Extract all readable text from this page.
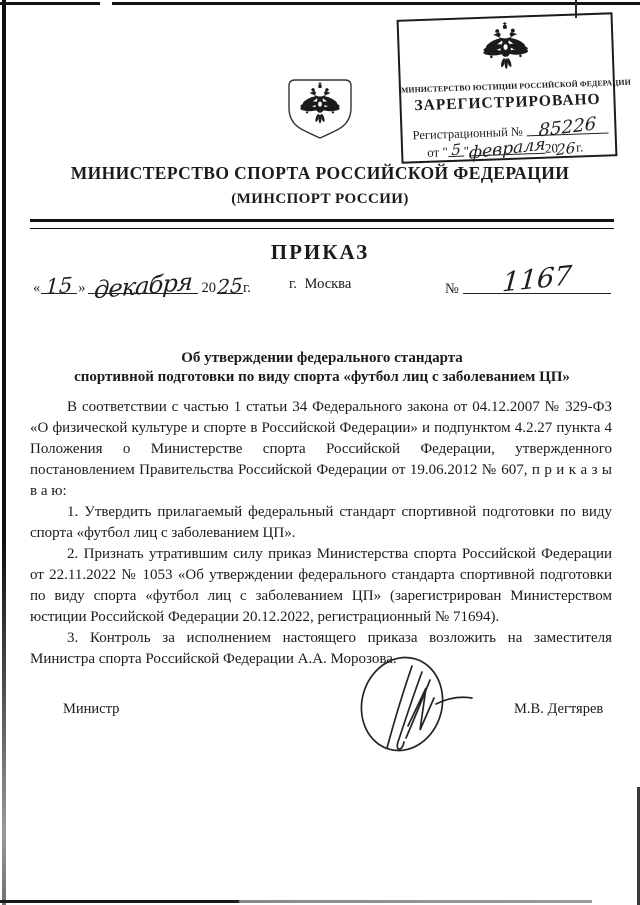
МИНИСТЕРСТВО ЮСТИЦИИ РОССИЙСКОЙ ФЕДЕРАЦИИ
ЗАРЕГИСТРИРОВАНО
Регистрационный № 85226
от " 5 " февраля 20
26 г.
МИНИСТЕРСТВО СПОРТА РОССИЙСКОЙ ФЕДЕРАЦИИ
(МИНСПОРТ РОССИИ)
ПРИКАЗ
« 15 » декабря 20 25 г.	г. Москва	№ 1167
Об утверждении федерального стандарта
спортивной подготовки по виду спорта «футбол лиц с заболеванием ЦП»

В соответствии с частью 1 статьи 34 Федерального закона от 04.12.2007 № 329-ФЗ «О физической культуре и спорте в Российской Федерации» и подпунктом 4.2.27 пункта 4 Положения о Министерстве спорта Российской Федерации, утвержденного постановлением Правительства Российской Федерации от 19.06.2012 № 607, п р и к а з ы в а ю:

1. Утвердить прилагаемый федеральный стандарт спортивной подготовки по виду спорта «футбол лиц с заболеванием ЦП».

2. Признать утратившим силу приказ Министерства спорта Российской Федерации от 22.11.2022 № 1053 «Об утверждении федерального стандарта спортивной подготовки по виду спорта «футбол лиц с заболеванием ЦП» (зарегистрирован Министерством юстиции Российской Федерации 20.12.2022, регистрационный № 71694).

3. Контроль за исполнением настоящего приказа возложить на заместителя Министра спорта Российской Федерации А.А. Морозова.

Министр	М.В. Дегтярев
